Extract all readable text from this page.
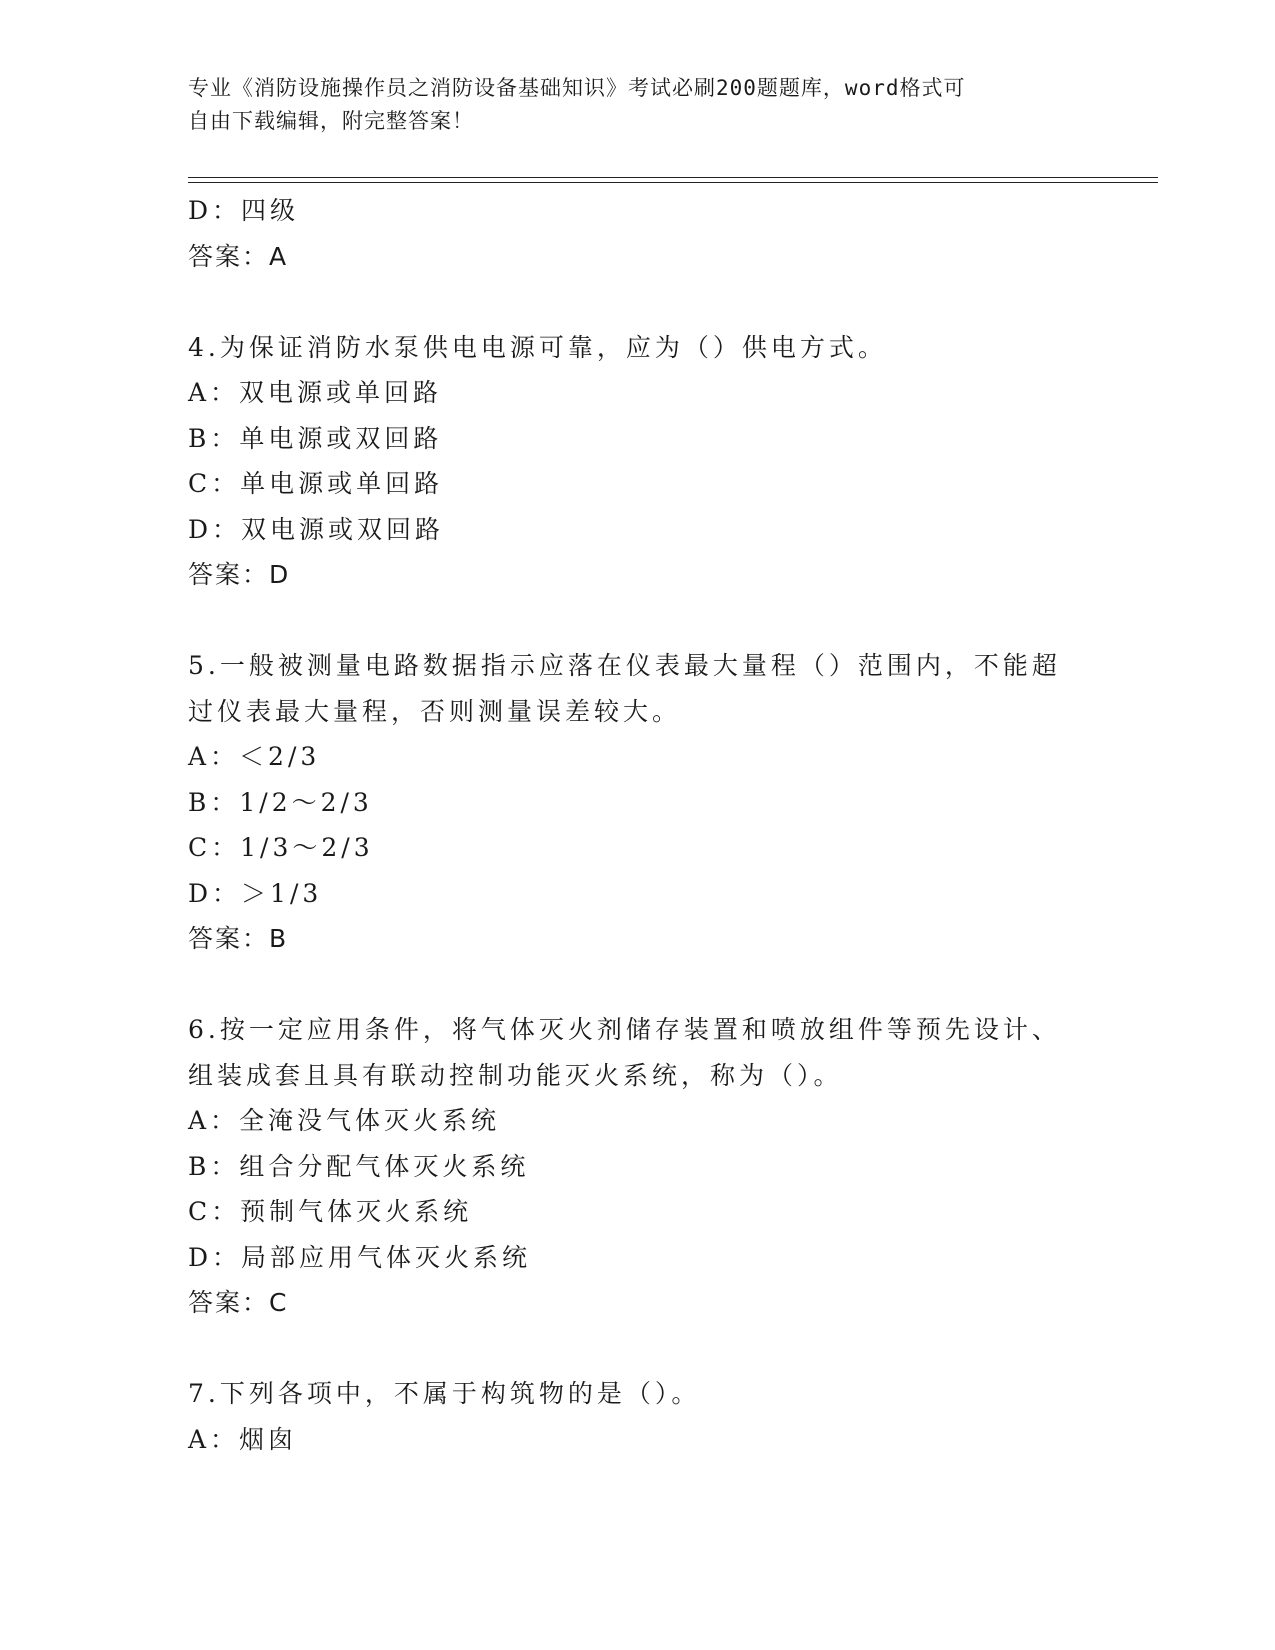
专业《消防设施操作员之消防设备基础知识》考试必刷200题题库，word格式可
自由下载编辑，附完整答案！
D：四级
答案：A
4.为保证消防水泵供电电源可靠，应为（）供电方式。
A：双电源或单回路
B：单电源或双回路
C：单电源或单回路
D：双电源或双回路
答案：D
5.一般被测量电路数据指示应落在仪表最大量程（）范围内，不能超
过仪表最大量程，否则测量误差较大。
A：＜2/3
B：1/2～2/3
C：1/3～2/3
D：＞1/3
答案：B
6.按一定应用条件，将气体灭火剂储存装置和喷放组件等预先设计、
组装成套且具有联动控制功能灭火系统，称为（）。
A：全淹没气体灭火系统
B：组合分配气体灭火系统
C：预制气体灭火系统
D：局部应用气体灭火系统
答案：C
7.下列各项中，不属于构筑物的是（）。
A：烟囱
